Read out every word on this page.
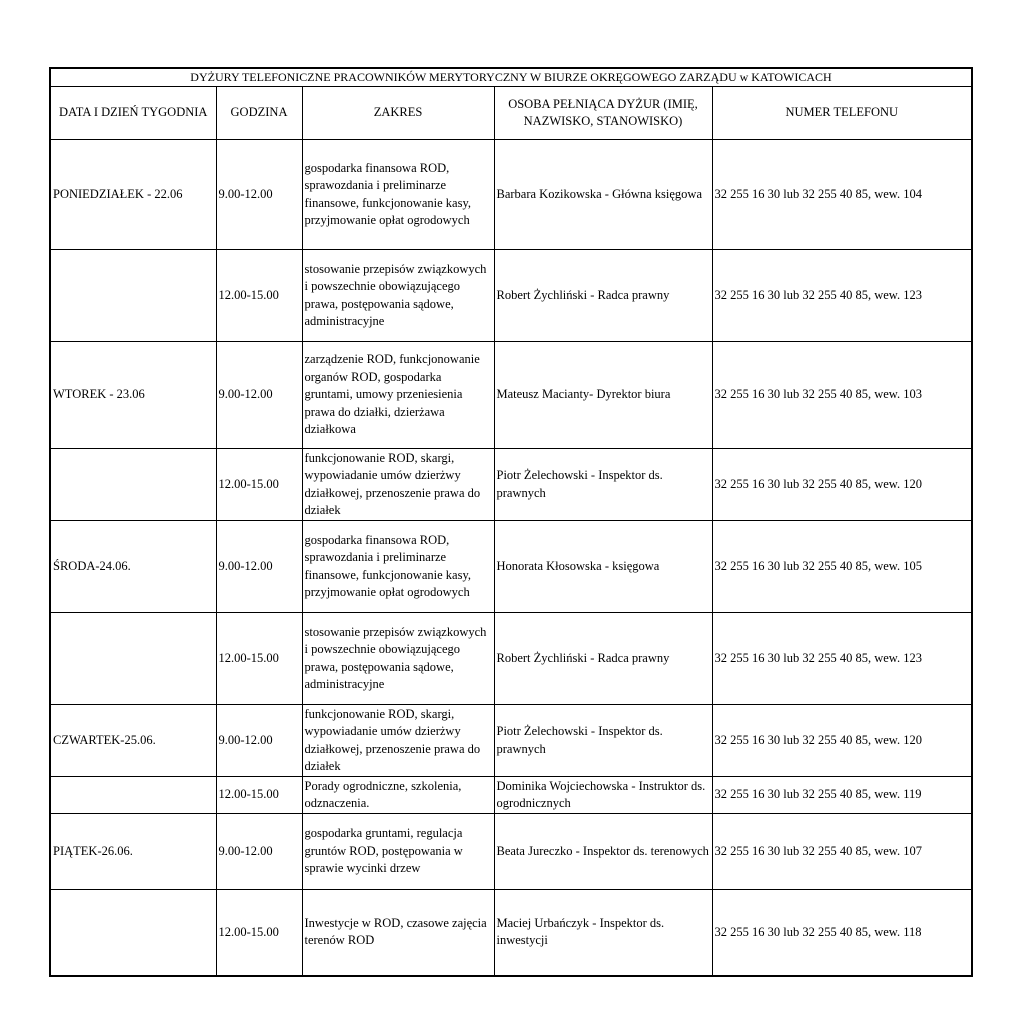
DYŻURY TELEFONICZNE PRACOWNIKÓW MERYTORYCZNY W BIURZE OKRĘGOWEGO ZARZĄDU w KATOWICACH				
DATA I DZIEŃ TYGODNIA	GODZINA	ZAKRES	OSOBA PEŁNIĄCA DYŻUR (IMIĘ, NAZWISKO, STANOWISKO)	NUMER TELEFONU
PONIEDZIAŁEK - 22.06	9.00-12.00	gospodarka finansowa ROD, sprawozdania i preliminarze finansowe, funkcjonowanie kasy, przyjmowanie opłat ogrodowych	Barbara Kozikowska - Główna księgowa	32 255 16 30 lub 32 255 40 85, wew. 104
	12.00-15.00	stosowanie przepisów związkowych i powszechnie obowiązującego prawa, postępowania sądowe, administracyjne	Robert Żychliński - Radca prawny	32 255 16 30 lub 32 255 40 85, wew. 123
WTOREK - 23.06	9.00-12.00	zarządzenie ROD, funkcjonowanie organów ROD, gospodarka gruntami, umowy przeniesienia prawa do działki, dzierżawa działkowa	Mateusz Macianty- Dyrektor biura	32 255 16 30 lub 32 255 40 85, wew. 103
	12.00-15.00	funkcjonowanie ROD, skargi, wypowiadanie umów dzierżwy działkowej, przenoszenie prawa do działek	Piotr Żelechowski - Inspektor ds. prawnych	32 255 16 30 lub 32 255 40 85, wew. 120
ŚRODA-24.06.	9.00-12.00	gospodarka finansowa ROD, sprawozdania i preliminarze finansowe, funkcjonowanie kasy, przyjmowanie opłat ogrodowych	Honorata Kłosowska - księgowa	32 255 16 30 lub 32 255 40 85, wew. 105
	12.00-15.00	stosowanie przepisów związkowych i powszechnie obowiązującego prawa, postępowania sądowe, administracyjne	Robert Żychliński - Radca prawny	32 255 16 30 lub 32 255 40 85, wew. 123
CZWARTEK-25.06.	9.00-12.00	funkcjonowanie ROD, skargi, wypowiadanie umów dzierżwy działkowej, przenoszenie prawa do działek	Piotr Żelechowski - Inspektor ds. prawnych	32 255 16 30 lub 32 255 40 85, wew. 120
	12.00-15.00	Porady ogrodniczne, szkolenia, odznaczenia.	Dominika Wojciechowska - Instruktor ds. ogrodnicznych	32 255 16 30 lub 32 255 40 85, wew. 119
PIĄTEK-26.06.	9.00-12.00	gospodarka gruntami, regulacja gruntów ROD, postępowania w sprawie wycinki drzew	Beata Jureczko - Inspektor ds. terenowych	32 255 16 30 lub 32 255 40 85, wew. 107
	12.00-15.00	Inwestycje w ROD, czasowe zajęcia terenów ROD	Maciej Urbańczyk - Inspektor ds. inwestycji	32 255 16 30 lub 32 255 40 85, wew. 118
